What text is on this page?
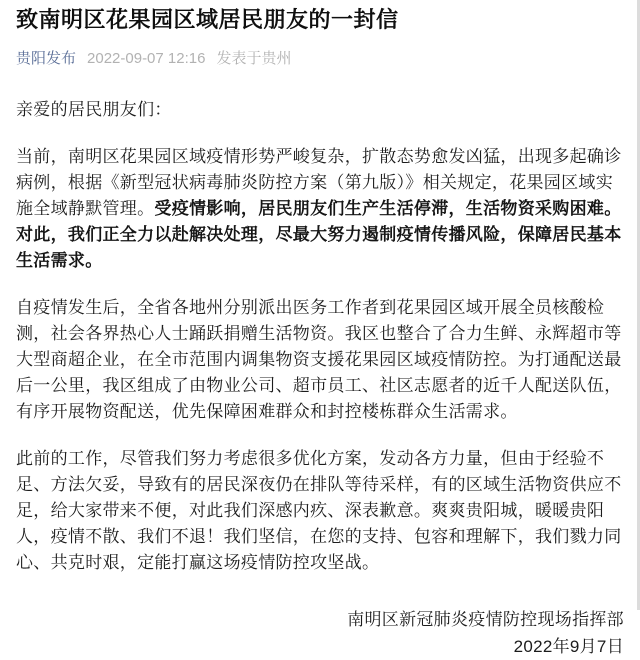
致南明区花果园区域居民朋友的一封信
贵阳发布 2022-09-07 12:16 发表于贵州

亲爱的居民朋友们：

当前，南明区花果园区域疫情形势严峻复杂，扩散态势愈发凶猛，出现多起确诊病例，根据《新型冠状病毒肺炎防控方案（第九版）》相关规定，花果园区域实施全域静默管理。受疫情影响，居民朋友们生产生活停滞，生活物资采购困难。对此，我们正全力以赴解决处理，尽最大努力遏制疫情传播风险，保障居民基本生活需求。

自疫情发生后，全省各地州分别派出医务工作者到花果园区域开展全员核酸检测，社会各界热心人士踊跃捐赠生活物资。我区也整合了合力生鲜、永辉超市等大型商超企业，在全市范围内调集物资支援花果园区域疫情防控。为打通配送最后一公里，我区组成了由物业公司、超市员工、社区志愿者的近千人配送队伍，有序开展物资配送，优先保障困难群众和封控楼栋群众生活需求。

此前的工作，尽管我们努力考虑很多优化方案，发动各方力量，但由于经验不足、方法欠妥，导致有的居民深夜仍在排队等待采样，有的区域生活物资供应不足，给大家带来不便，对此我们深感内疚、深表歉意。爽爽贵阳城，暖暖贵阳人，疫情不散、我们不退！我们坚信，在您的支持、包容和理解下，我们戮力同心、共克时艰，定能打赢这场疫情防控攻坚战。

南明区新冠肺炎疫情防控现场指挥部
2022年9月7日
